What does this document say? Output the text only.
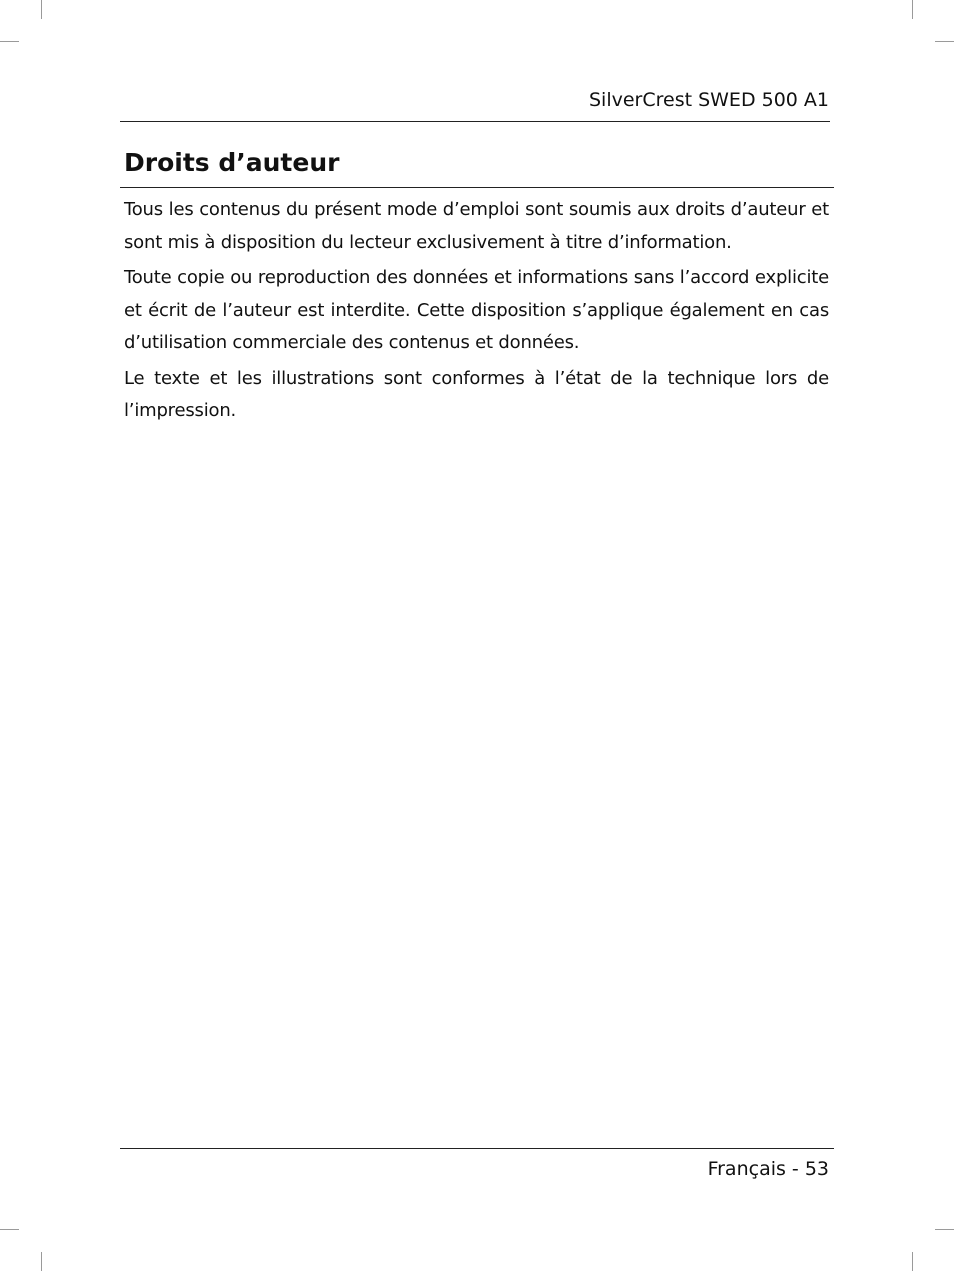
SilverCrest SWED 500 A1
Droits d’auteur

Tous les contenus du présent mode d’emploi sont soumis aux droits d’auteur et sont mis à disposition du lecteur exclusivement à titre d’information.

Toute copie ou reproduction des données et informations sans l’accord explicite et écrit de l’auteur est interdite. Cette disposition s’applique également en cas d’utilisation commerciale des contenus et données.

Le texte et les illustrations sont conformes à l’état de la technique lors de l’impression.

Français - 53
